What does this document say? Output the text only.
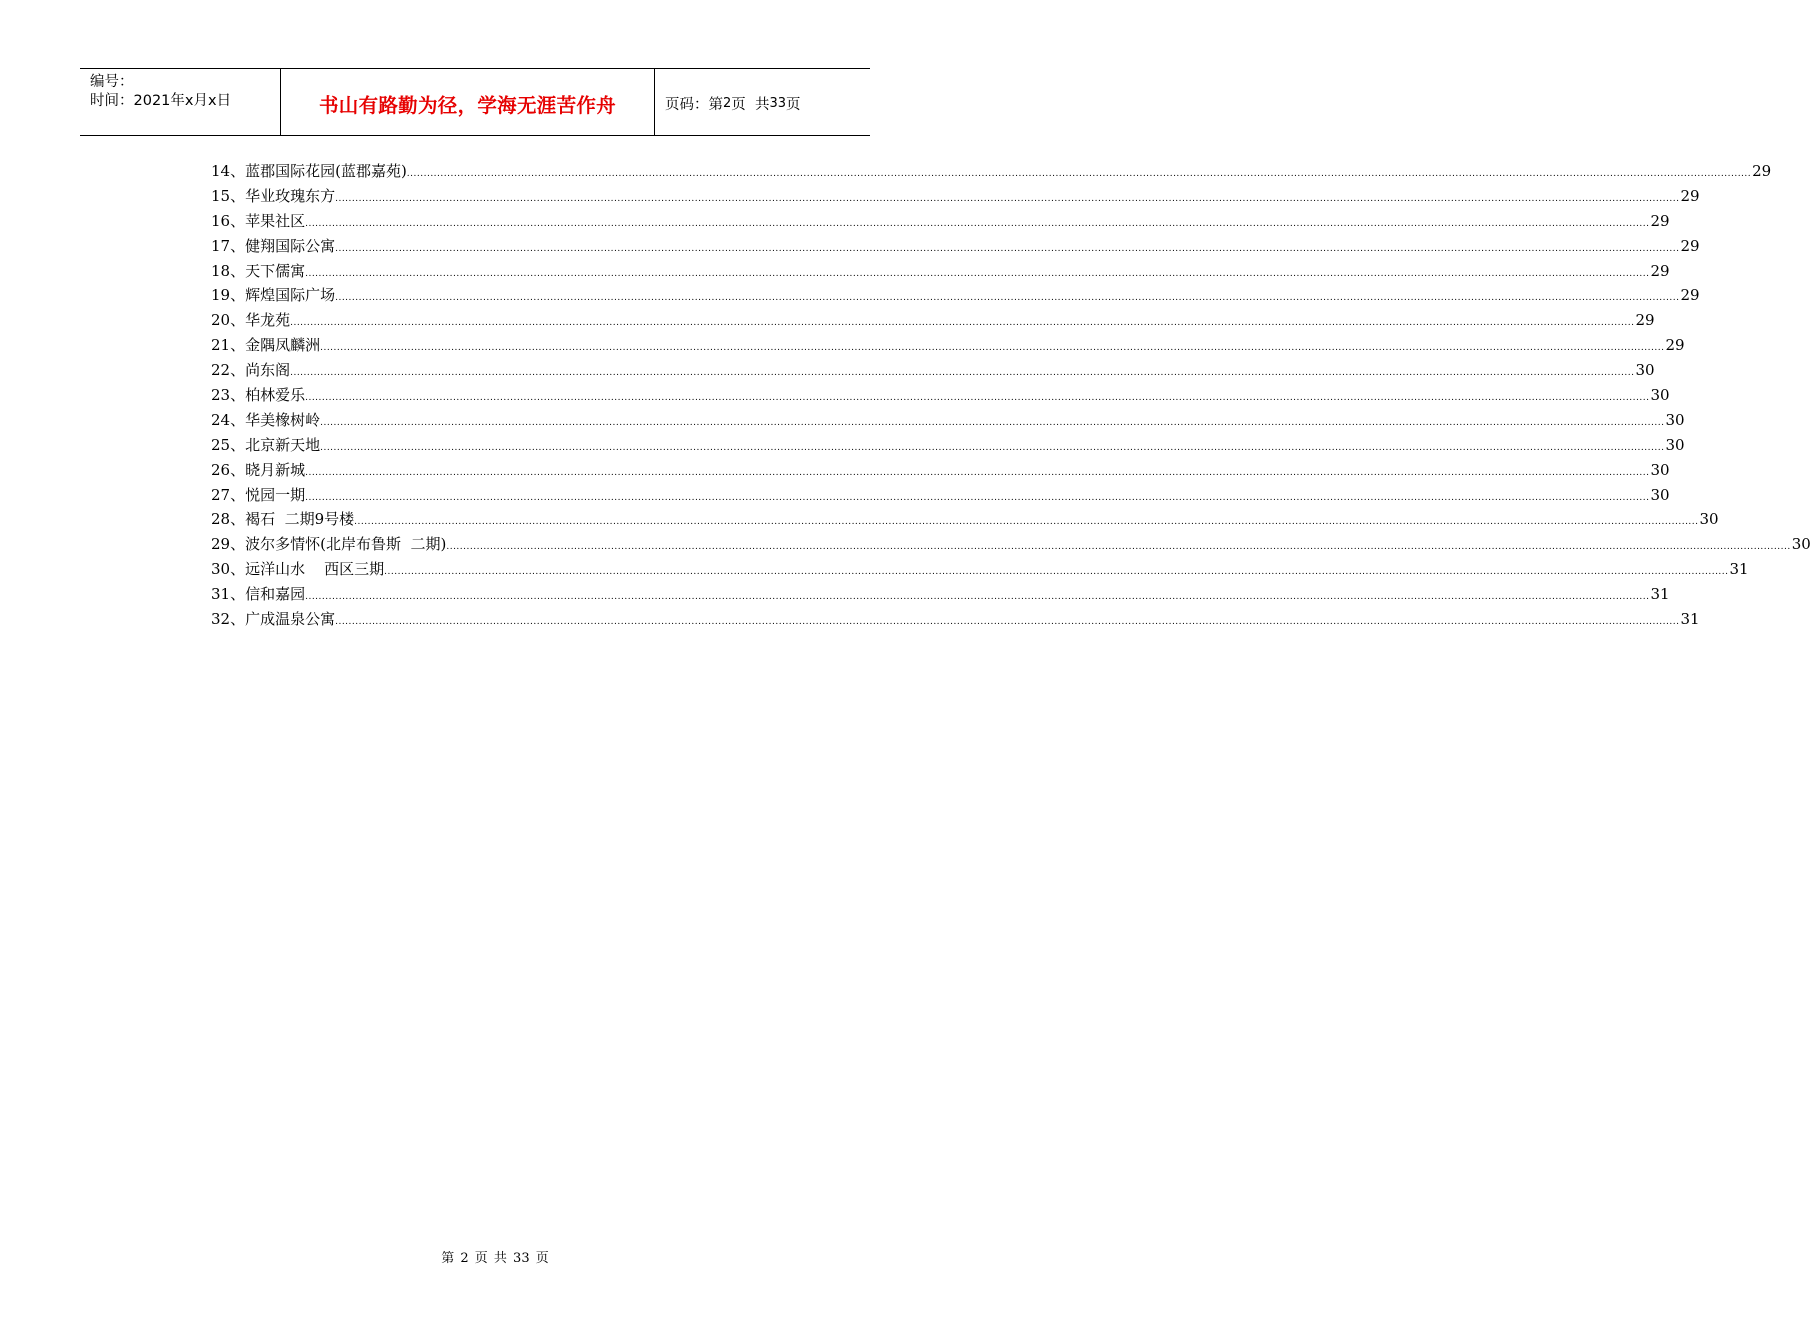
编号：
时间：2021年x月x日	书山有路勤为径，学海无涯苦作舟	页码：第 2 页  共 33 页
14、蓝郡国际花园(蓝郡嘉苑) ................................................................................................................................................................................................................................................................................................................................................................................................................ 29
15、华业玫瑰东方 ................................................................................................................................................................................................................................................................................................................................................................................................................ 29
16、苹果社区 ................................................................................................................................................................................................................................................................................................................................................................................................................ 29
17、健翔国际公寓 ................................................................................................................................................................................................................................................................................................................................................................................................................ 29
18、天下儒寓 ................................................................................................................................................................................................................................................................................................................................................................................................................ 29
19、辉煌国际广场 ................................................................................................................................................................................................................................................................................................................................................................................................................ 29
20、华龙苑 ................................................................................................................................................................................................................................................................................................................................................................................................................ 29
21、金隅凤麟洲 ................................................................................................................................................................................................................................................................................................................................................................................................................ 29
22、尚东阁 ................................................................................................................................................................................................................................................................................................................................................................................................................ 30
23、柏林爱乐 ................................................................................................................................................................................................................................................................................................................................................................................................................ 30
24、华美橡树岭 ................................................................................................................................................................................................................................................................................................................................................................................................................ 30
25、北京新天地 ................................................................................................................................................................................................................................................................................................................................................................................................................ 30
26、晓月新城 ................................................................................................................................................................................................................................................................................................................................................................................................................ 30
27、悦园一期 ................................................................................................................................................................................................................................................................................................................................................................................................................ 30
28、褐石  二期9号楼 ................................................................................................................................................................................................................................................................................................................................................................................................................ 30
29、波尔多情怀(北岸布鲁斯  二期) ................................................................................................................................................................................................................................................................................................................................................................................................................ 30
30、远洋山水    西区三期 ................................................................................................................................................................................................................................................................................................................................................................................................................ 31
31、信和嘉园 ................................................................................................................................................................................................................................................................................................................................................................................................................ 31
32、广成温泉公寓 ................................................................................................................................................................................................................................................................................................................................................................................................................ 31
第 2 页 共 33 页
